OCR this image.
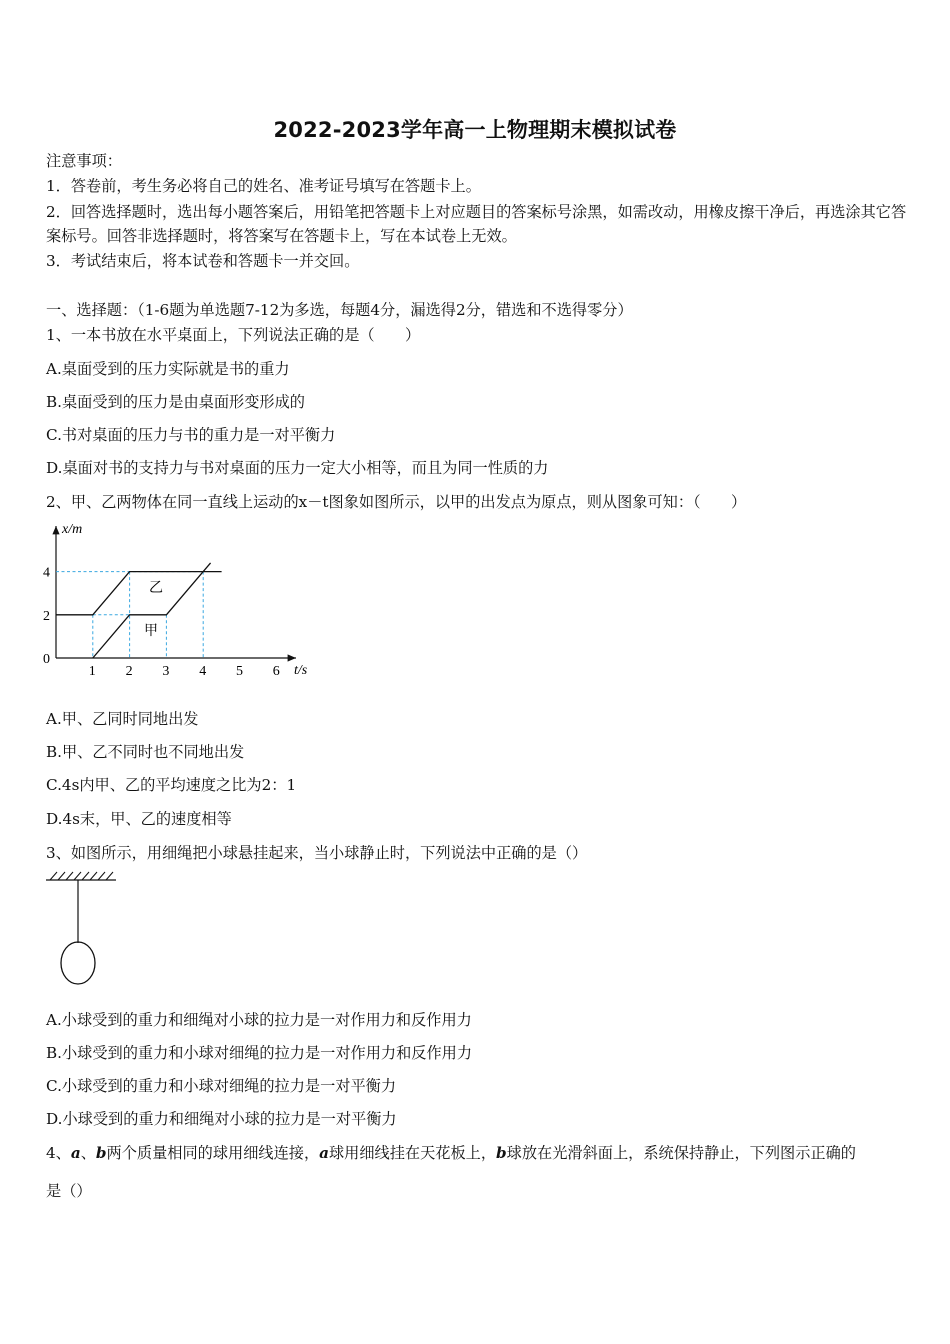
2022-2023学年高一上物理期末模拟试卷
注意事项：
1．答卷前，考生务必将自己的姓名、准考证号填写在答题卡上。
2．回答选择题时，选出每小题答案后，用铅笔把答题卡上对应题目的答案标号涂黑，如需改动，用橡皮擦干净后，再选涂其它答案标号。回答非选择题时，将答案写在答题卡上，写在本试卷上无效。
3．考试结束后，将本试卷和答题卡一并交回。
一、选择题：（1-6题为单选题7-12为多选，每题4分，漏选得2分，错选和不选得零分）
1、一本书放在水平桌面上，下列说法正确的是（　　）
A.桌面受到的压力实际就是书的重力
B.桌面受到的压力是由桌面形变形成的
C.书对桌面的压力与书的重力是一对平衡力
D.桌面对书的支持力与书对桌面的压力一定大小相等，而且为同一性质的力
2、甲、乙两物体在同一直线上运动的x－t图象如图所示，以甲的出发点为原点，则从图象可知：（　　）
1 2 3 4 5 6
0
2
4
x/m
t/s
乙
甲
A.甲、乙同时同地出发
B.甲、乙不同时也不同地出发
C.4s内甲、乙的平均速度之比为2：1
D.4s末，甲、乙的速度相等
3、如图所示，用细绳把小球悬挂起来，当小球静止时，下列说法中正确的是（）
A.小球受到的重力和细绳对小球的拉力是一对作用力和反作用力
B.小球受到的重力和小球对细绳的拉力是一对作用力和反作用力
C.小球受到的重力和小球对细绳的拉力是一对平衡力
D.小球受到的重力和细绳对小球的拉力是一对平衡力
4、a、b两个质量相同的球用细线连接，a球用细线挂在天花板上，b球放在光滑斜面上，系统保持静止，下列图示正确的
是（）
